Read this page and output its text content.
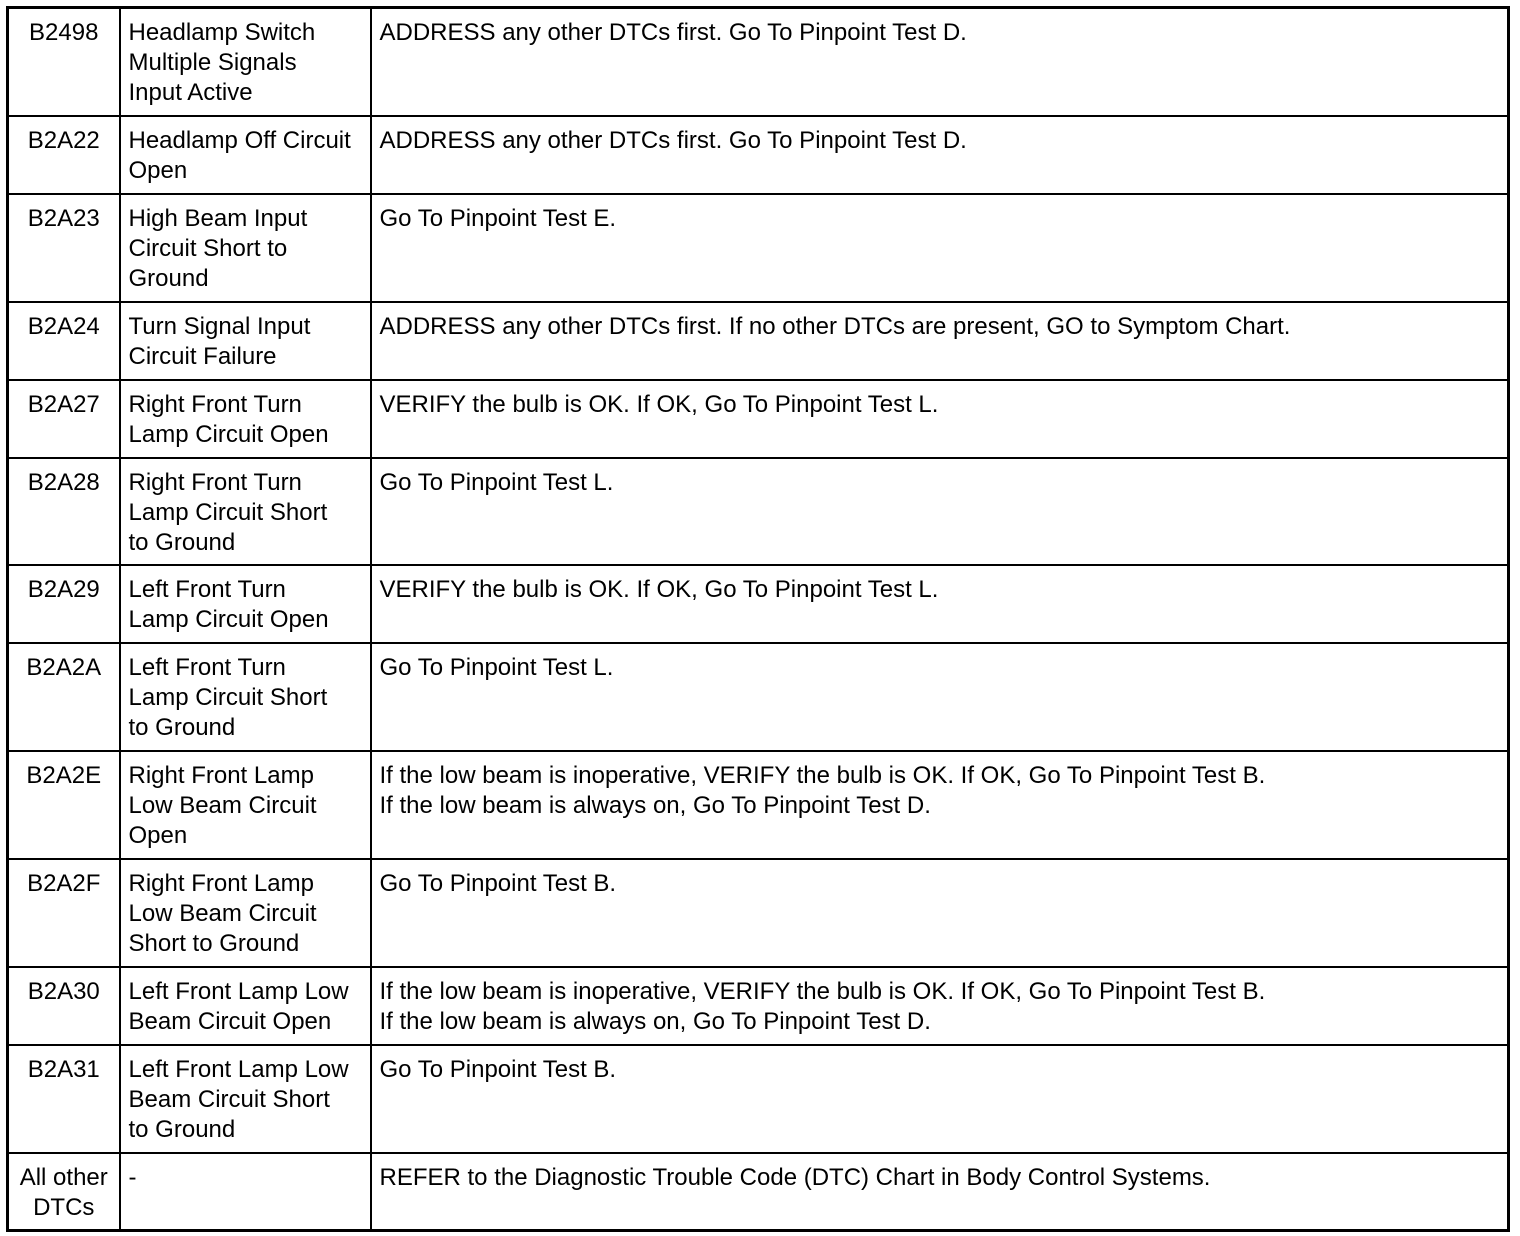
B2498	Headlamp Switch
Multiple Signals
Input Active	ADDRESS any other DTCs first. Go To Pinpoint Test D.

B2A22	Headlamp Off Circuit
Open	ADDRESS any other DTCs first. Go To Pinpoint Test D.

B2A23	High Beam Input
Circuit Short to
Ground	Go To Pinpoint Test E.

B2A24	Turn Signal Input
Circuit Failure	ADDRESS any other DTCs first. If no other DTCs are present, GO to Symptom Chart.

B2A27	Right Front Turn
Lamp Circuit Open	VERIFY the bulb is OK. If OK, Go To Pinpoint Test L.

B2A28	Right Front Turn
Lamp Circuit Short
to Ground	Go To Pinpoint Test L.

B2A29	Left Front Turn
Lamp Circuit Open	VERIFY the bulb is OK. If OK, Go To Pinpoint Test L.

B2A2A	Left Front Turn
Lamp Circuit Short
to Ground	Go To Pinpoint Test L.

B2A2E	Right Front Lamp
Low Beam Circuit
Open	If the low beam is inoperative, VERIFY the bulb is OK. If OK, Go To Pinpoint Test B.
If the low beam is always on, Go To Pinpoint Test D.

B2A2F	Right Front Lamp
Low Beam Circuit
Short to Ground	Go To Pinpoint Test B.

B2A30	Left Front Lamp Low
Beam Circuit Open	If the low beam is inoperative, VERIFY the bulb is OK. If OK, Go To Pinpoint Test B.
If the low beam is always on, Go To Pinpoint Test D.

B2A31	Left Front Lamp Low
Beam Circuit Short
to Ground	Go To Pinpoint Test B.

All other
DTCs	-	REFER to the Diagnostic Trouble Code (DTC) Chart in Body Control Systems.
